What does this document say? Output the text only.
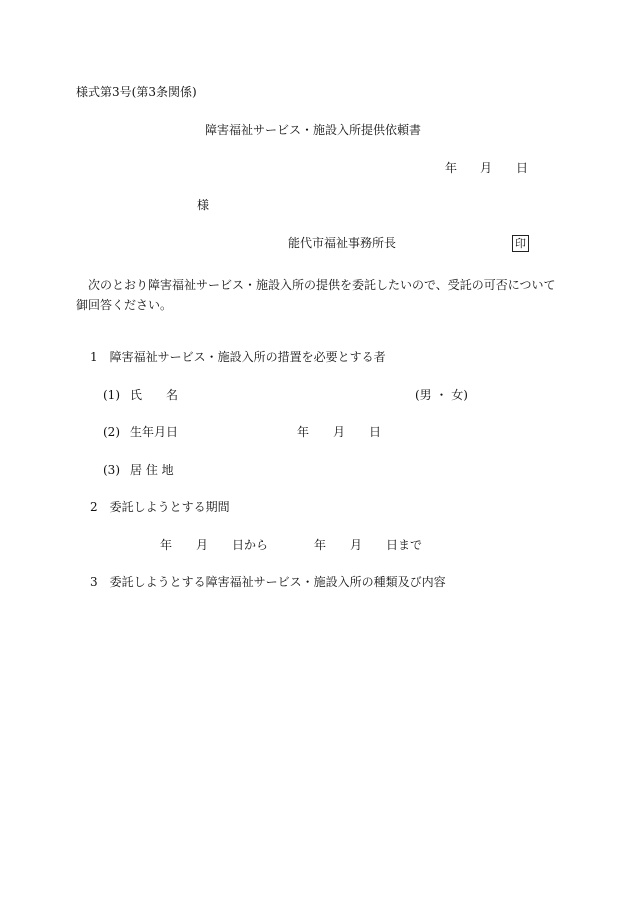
様式第3号(第3条関係)
障害福祉サービス・施設入所提供依頼書
年 月 日
様
能代市福祉事務所長	印
次のとおり障害福祉サービス・施設入所の提供を委託したいので、受託の可否について
御回答ください。
1　障害福祉サービス・施設入所の措置を必要とする者
(1) 氏　　名	(男 ・ 女)
(2) 生年月日	年 月 日
(3) 居 住 地
2　委託しようとする期間
年 月 日から	年 月 日まで
3　委託しようとする障害福祉サービス・施設入所の種類及び内容
